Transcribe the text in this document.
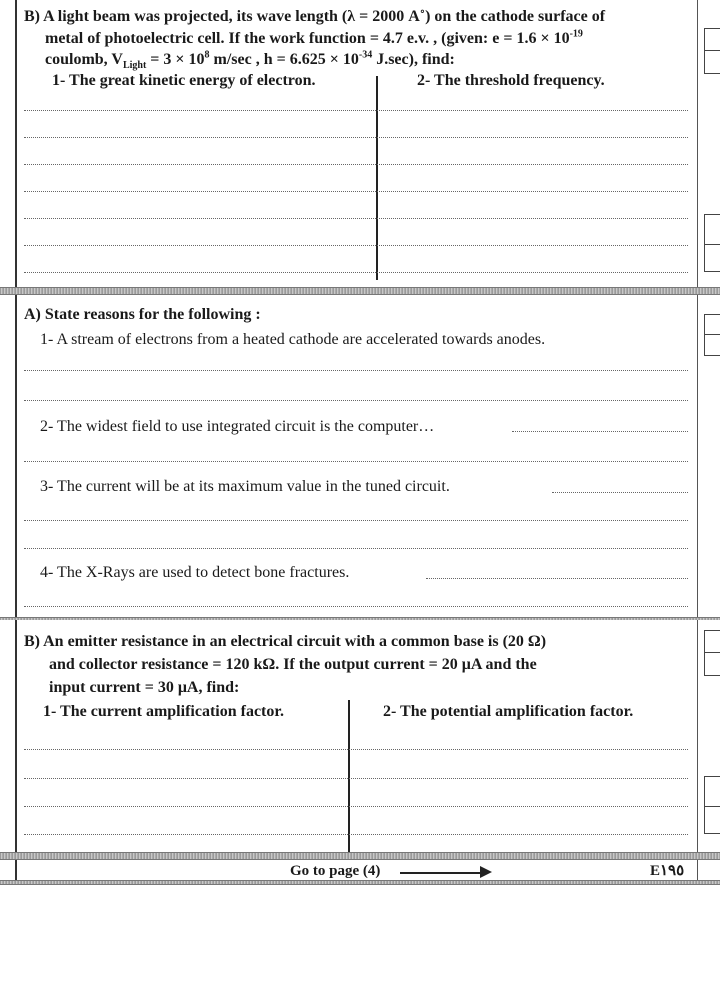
B) A light beam was projected, its wave length (λ = 2000 A˚) on the cathode surface of
metal of photoelectric cell. If the work function = 4.7 e.v. , (given: $e = 1.6 \times 10^{-19}$
coulomb, $V_{Light} = 3 \times 10^8$ m/sec , $h = 6.625 \times 10^{-34}$ J.sec), find:
1- The great kinetic energy of electron.	2- The threshold frequency.
A) State reasons for the following :
1- A stream of electrons from a heated cathode are accelerated towards anodes.
2- The widest field to use integrated circuit is the computer…
3- The current will be at its maximum value in the tuned circuit.
4- The X-Rays are used to detect bone fractures.
B) An emitter resistance in an electrical circuit with a common base is (20 Ω)
and collector resistance = 120 kΩ. If the output current = 20 μA and the
input current = 30 μA, find:
1- The current amplification factor.	2- The potential amplification factor.
Go to page (4)	E١٩٥
